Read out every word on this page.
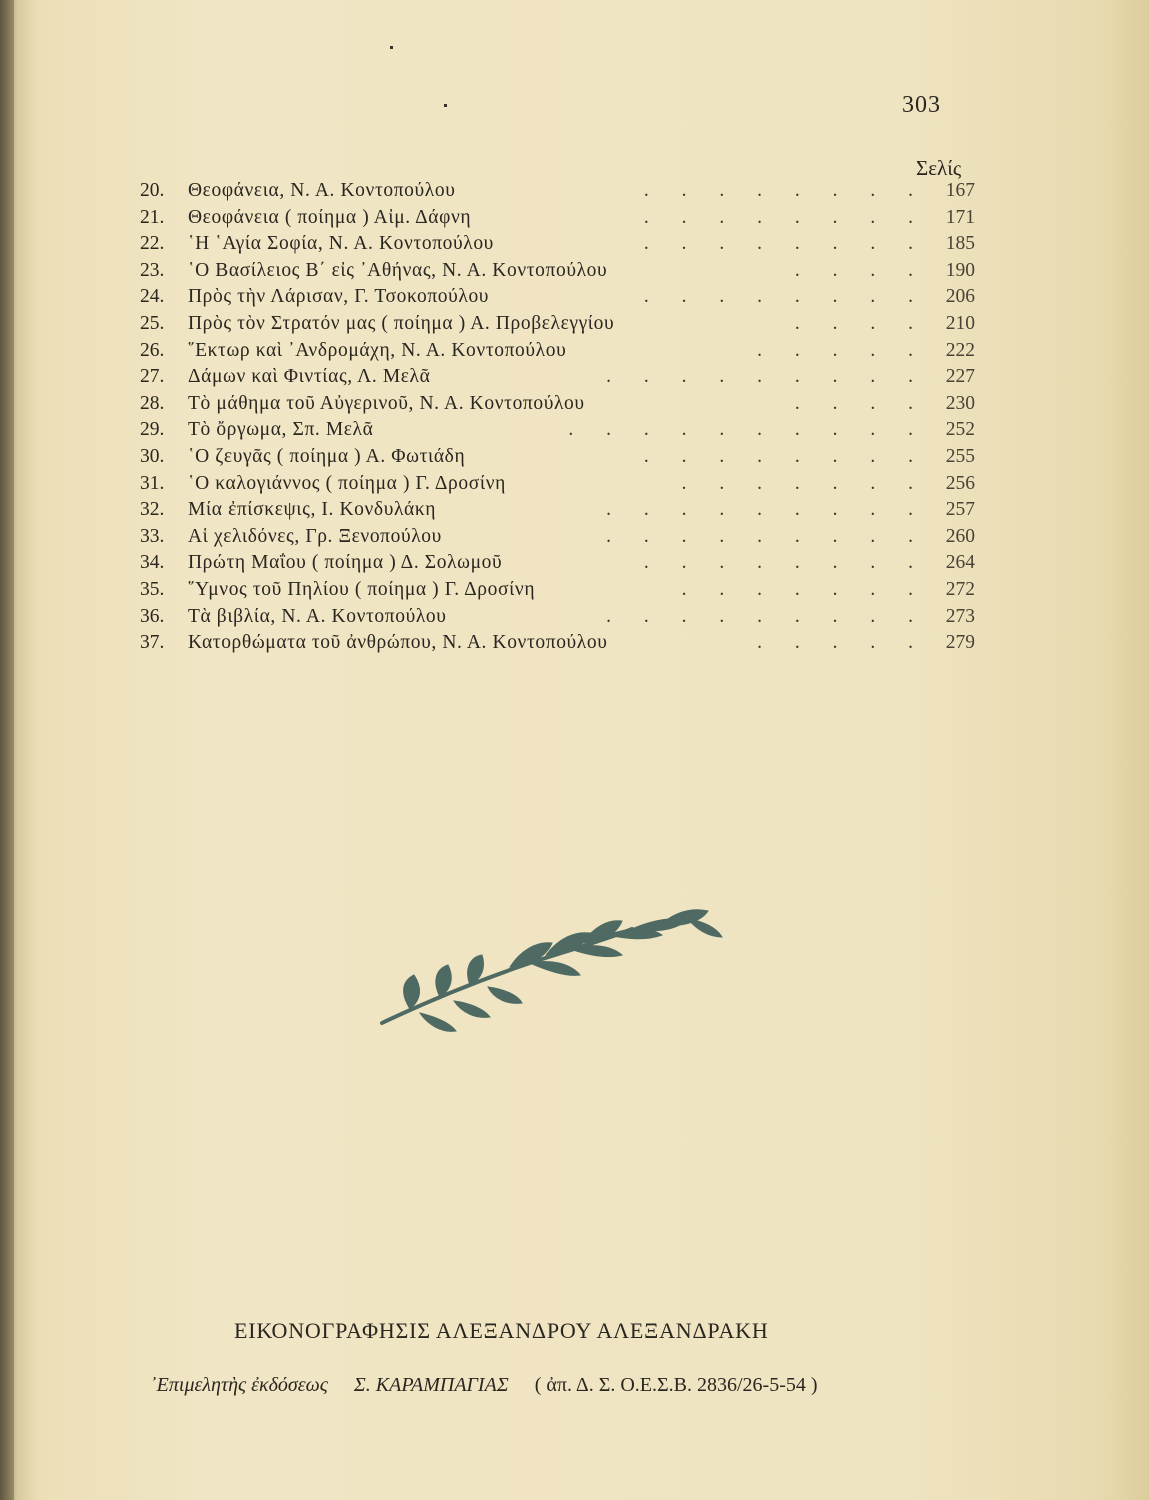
303
Σελίς
20.	Θεοφάνεια, Ν. Α. Κοντοπούλου	. . . . . . . . 167
21.	Θεοφάνεια ( ποίημα ) Αἰμ. Δάφνη	. . . . . . . . 171
22.	῾Η ῾Αγία Σοφία, Ν. Α. Κοντοπούλου	. . . . . . . . 185
23.	῾Ο Βασίλειος Β΄ εἰς ᾿Αθήνας, Ν. Α. Κοντοπούλου	. . . . 190
24.	Πρὸς τὴν Λάρισαν, Γ. Τσοκοπούλου	. . . . . . . . 206
25.	Πρὸς τὸν Στρατόν μας ( ποίημα ) Α. Προβελεγγίου	. . . . 210
26.	῞Εκτωρ καὶ ᾿Ανδρομάχη, Ν. Α. Κοντοπούλου	. . . . . 222
27.	Δάμων καὶ Φιντίας, Λ. Μελᾶ	. . . . . . . . . 227
28.	Τὸ μάθημα τοῦ Αὐγερινοῦ, Ν. Α. Κοντοπούλου	. . . . 230
29.	Τὸ ὄργωμα, Σπ. Μελᾶ	. . . . . . . . . . 252
30.	῾Ο ζευγᾶς ( ποίημα ) Α. Φωτιάδη	. . . . . . . . 255
31.	῾Ο καλογιάννος ( ποίημα ) Γ. Δροσίνη	. . . . . . . 256
32.	Μία ἐπίσκεψις, Ι. Κονδυλάκη	. . . . . . . . . 257
33.	Αἱ χελιδόνες, Γρ. Ξενοπούλου	. . . . . . . . . 260
34.	Πρώτη Μαΐου ( ποίημα ) Δ. Σολωμοῦ	. . . . . . . . 264
35.	῞Υμνος τοῦ Πηλίου ( ποίημα ) Γ. Δροσίνη	. . . . . . . 272
36.	Τὰ βιβλία, Ν. Α. Κοντοπούλου	. . . . . . . . . 273
37.	Κατορθώματα τοῦ ἀνθρώπου, Ν. Α. Κοντοπούλου	. . . . . 279
ΕΙΚΟΝΟΓΡΑΦΗΣΙΣ ΑΛΕΞΑΝΔΡΟΥ ΑΛΕΞΑΝΔΡΑΚΗ
᾿Επιμελητὴς ἐκδόσεως Σ. ΚΑΡΑΜΠΑΓΙΑΣ ( ἀπ. Δ. Σ. Ο.Ε.Σ.Β. 2836/26-5-54 )
